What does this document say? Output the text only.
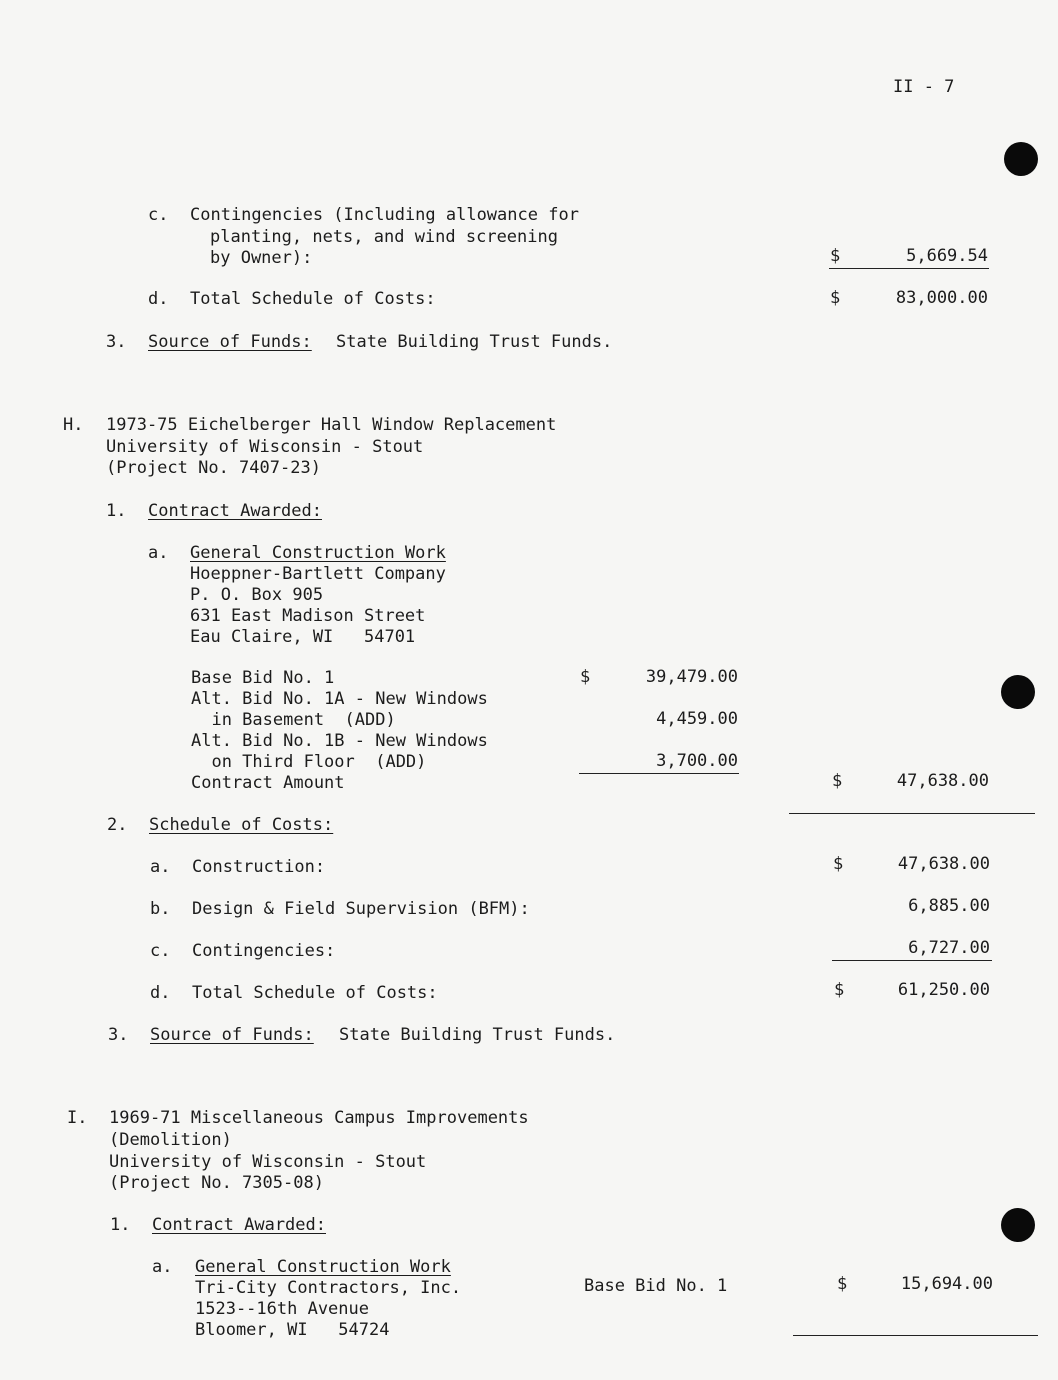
II - 7
c. Contingencies (Including allowance for
planting, nets, and wind screening
by Owner):	$	5,669.54
d. Total Schedule of Costs:	$	83,000.00
3. Source of Funds: State Building Trust Funds.
H. 1973-75 Eichelberger Hall Window Replacement
University of Wisconsin - Stout
(Project No. 7407-23)
1. Contract Awarded:
a. General Construction Work
Hoeppner-Bartlett Company
P. O. Box 905
631 East Madison Street
Eau Claire, WI   54701
Base Bid No. 1	$	39,479.00
Alt. Bid No. 1A - New Windows
in Basement  (ADD)	4,459.00
Alt. Bid No. 1B - New Windows
on Third Floor  (ADD)	3,700.00
Contract Amount	$	47,638.00
2. Schedule of Costs:
a. Construction:	$	47,638.00
b. Design & Field Supervision (BFM):	6,885.00
c. Contingencies:	6,727.00
d. Total Schedule of Costs:	$	61,250.00
3. Source of Funds: State Building Trust Funds.
I. 1969-71 Miscellaneous Campus Improvements
(Demolition)
University of Wisconsin - Stout
(Project No. 7305-08)
1. Contract Awarded:
a. General Construction Work
Tri-City Contractors, Inc.
1523--16th Avenue
Bloomer, WI   54724
Base Bid No. 1	$	15,694.00
